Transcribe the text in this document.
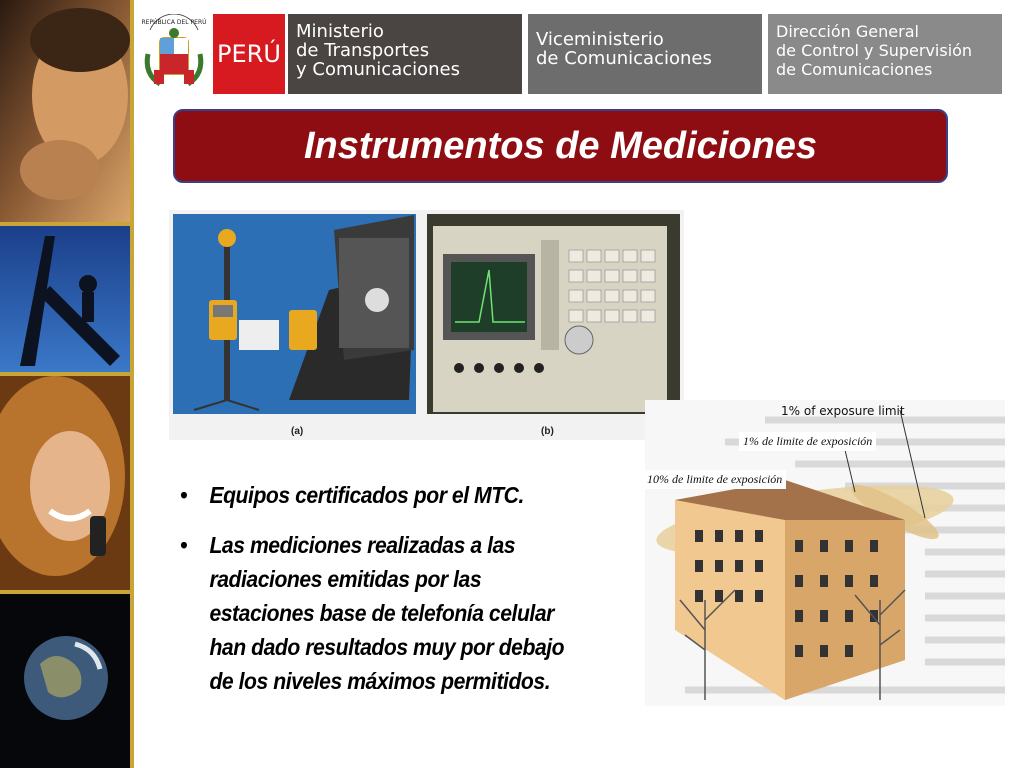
REPÚBLICA DEL PERÚ
PERÚ
Ministerio
de Transportes
y Comunicaciones
Viceministerio
de Comunicaciones
Dirección General
de Control y Supervisión
de Comunicaciones
Instrumentos de Mediciones
(a)	(b)
• Equipos certificados por el MTC.
• Las mediciones realizadas a las radiaciones emitidas por las estaciones base de telefonía celular han dado resultados muy por debajo de los niveles máximos permitidos.
1% of exposure limit
1% de limite de exposición
10% de limite de exposición
